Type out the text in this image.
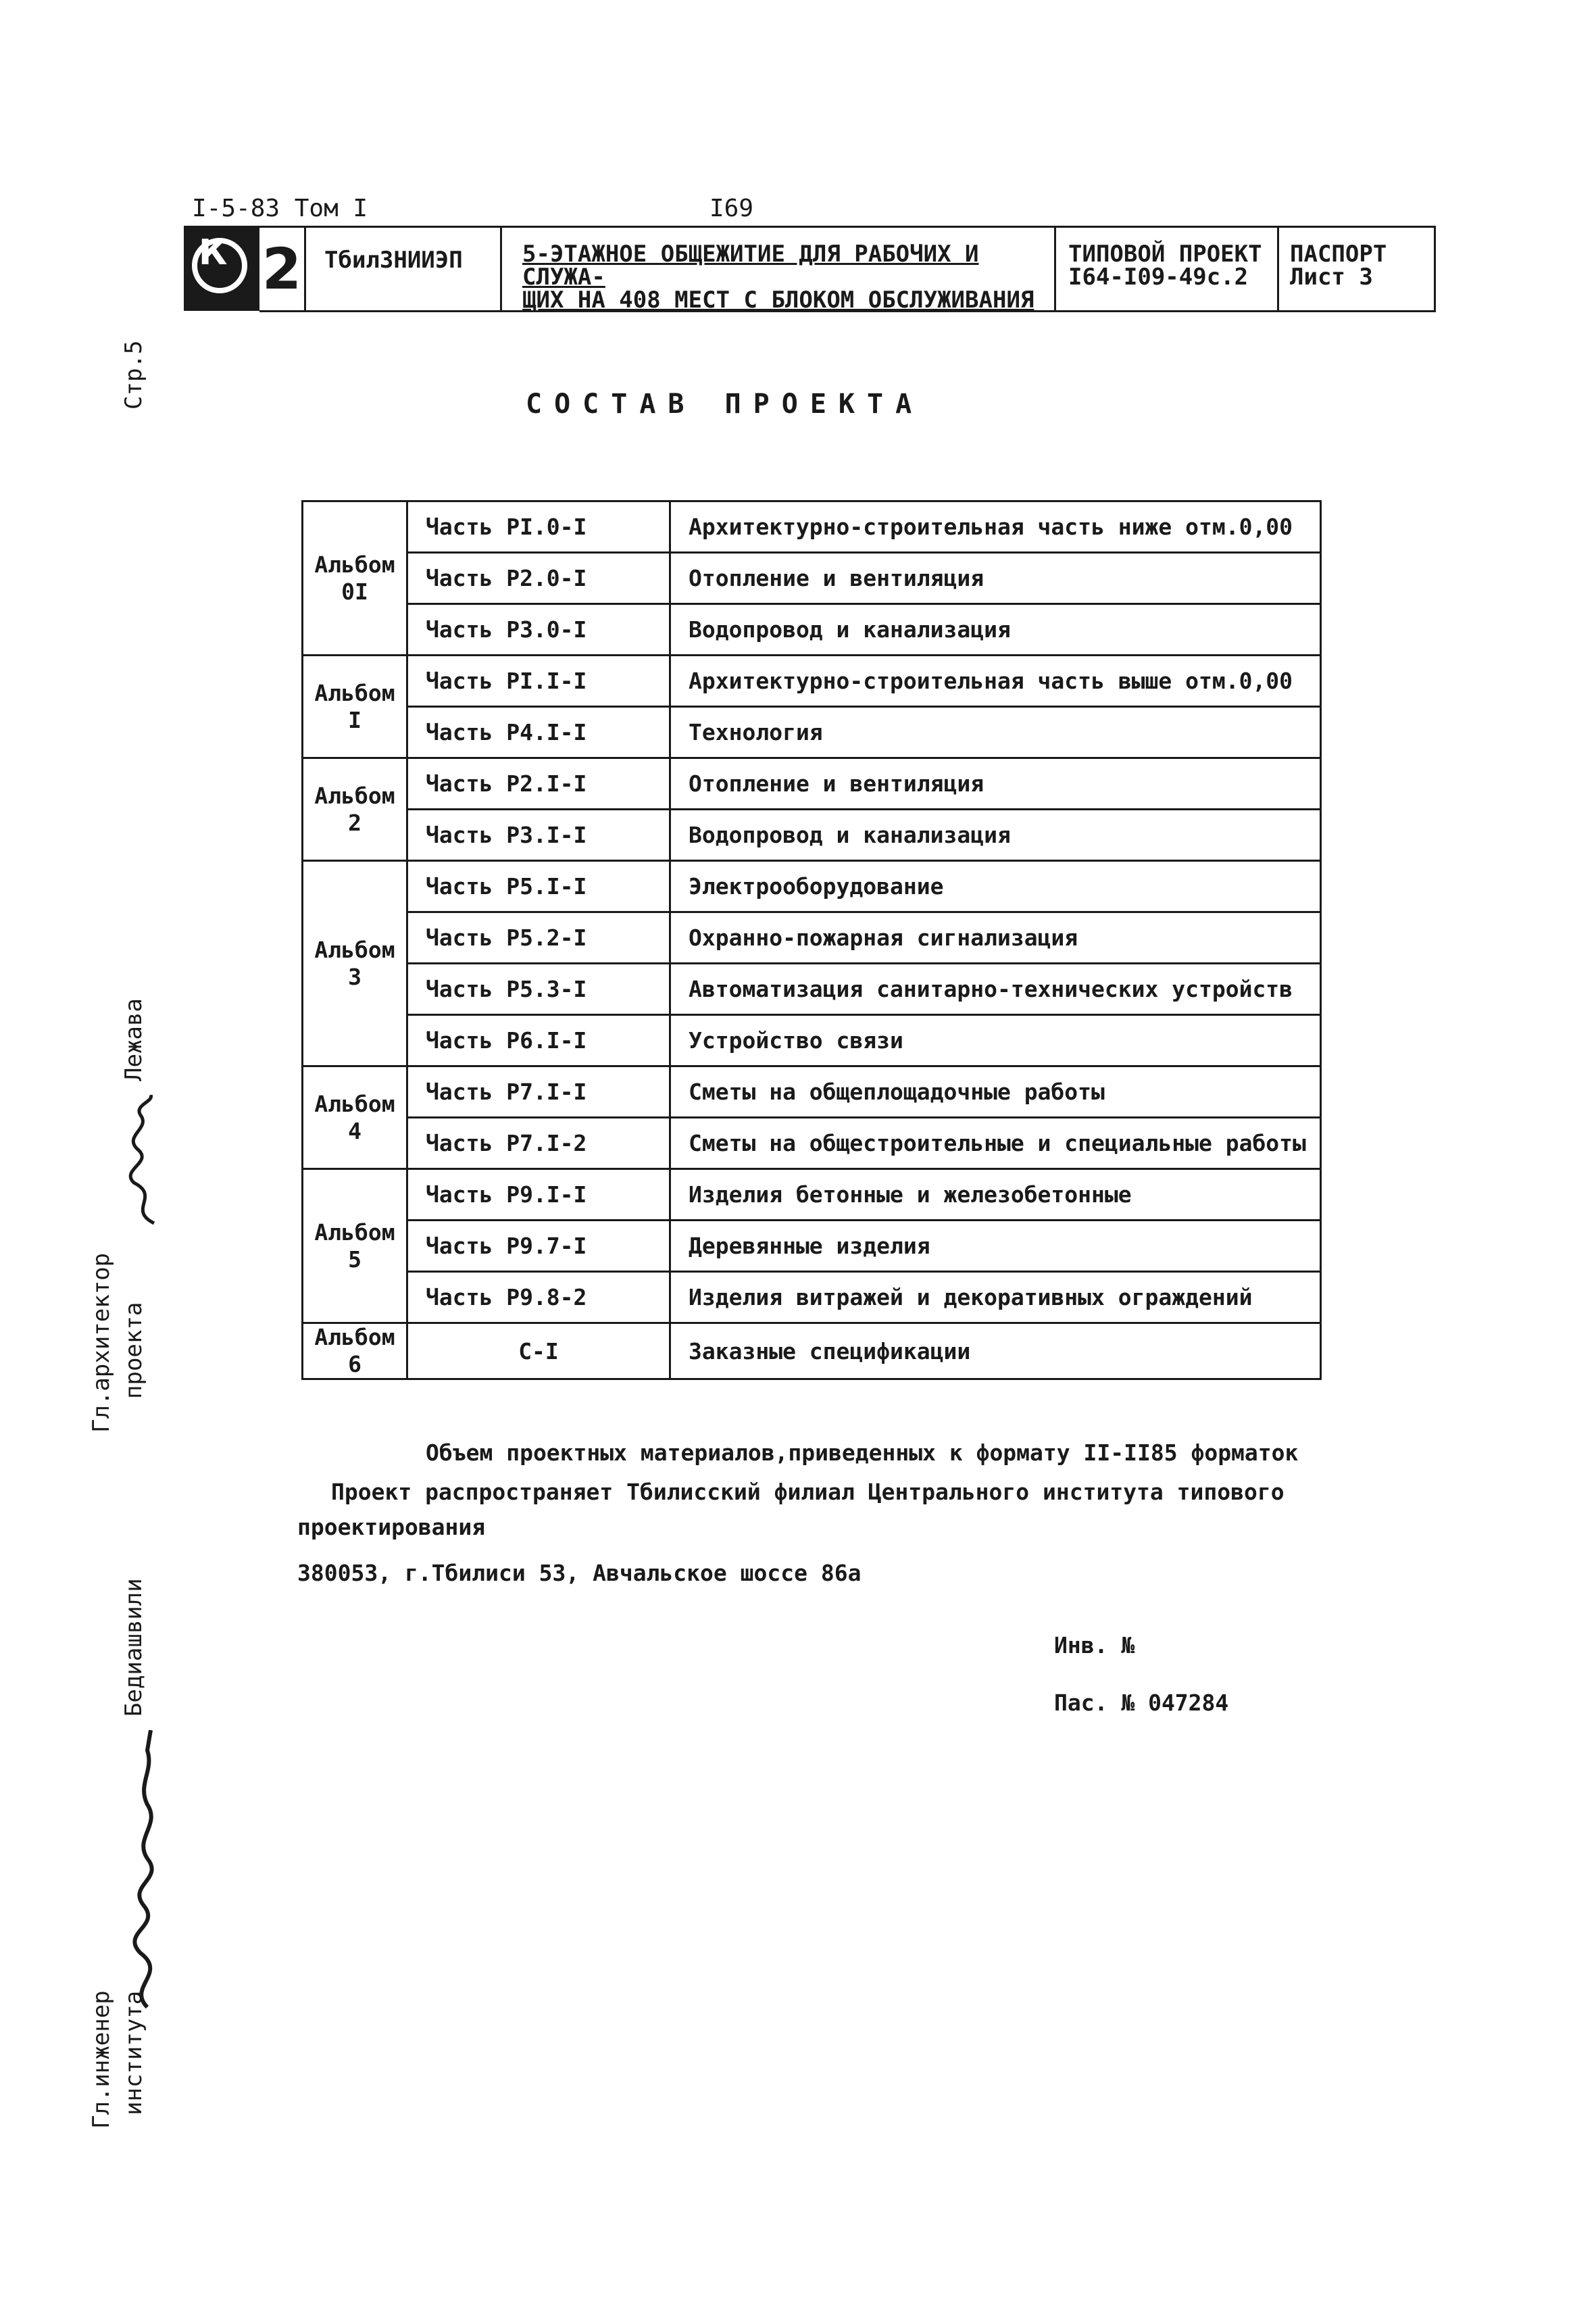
I-5-83 Том I	I69
К 2 ТбилЗНИИЭП	5-ЭТАЖНОЕ ОБЩЕЖИТИЕ ДЛЯ РАБОЧИХ И СЛУЖА-
ЩИХ НА 408 МЕСТ С БЛОКОМ ОБСЛУЖИВАНИЯ
ТИПОВОЙ ПРОЕКТ
I64-I09-49с.2
ПАСПОРТ
Лист 3
Стр.5
Гл.архитектор проекта
Лежава
Гл.инженер института
Бедиашвили
СОСТАВ ПРОЕКТА
Альбом
0I	Часть РI.0-I	Архитектурно-строительная часть ниже отм.0,00
	Часть Р2.0-I	Отопление и вентиляция
	Часть Р3.0-I	Водопровод и канализация

Альбом
I	Часть РI.I-I	Архитектурно-строительная часть выше отм.0,00
	Часть Р4.I-I	Технология

Альбом
2	Часть Р2.I-I	Отопление и вентиляция
	Часть Р3.I-I	Водопровод и канализация

Альбом
3	Часть Р5.I-I	Электрооборудование
	Часть Р5.2-I	Охранно-пожарная сигнализация
	Часть Р5.3-I	Автоматизация санитарно-технических устройств
	Часть Р6.I-I	Устройство связи

Альбом
4	Часть Р7.I-I	Сметы на общеплощадочные работы
	Часть Р7.I-2	Сметы на общестроительные и специальные работы

Альбом
5	Часть Р9.I-I	Изделия бетонные и железобетонные
	Часть Р9.7-I	Деревянные изделия
	Часть Р9.8-2	Изделия витражей и декоративных ограждений

Альбом
6	С-I	Заказные спецификации
Объем проектных материалов,приведенных к формату II-II85 форматок
Проект распространяет Тбилисский филиал Центрального института типового
проектирования
380053, г.Тбилиси 53, Авчальское шоссе 86а
Инв. №
Пас. № 047284
